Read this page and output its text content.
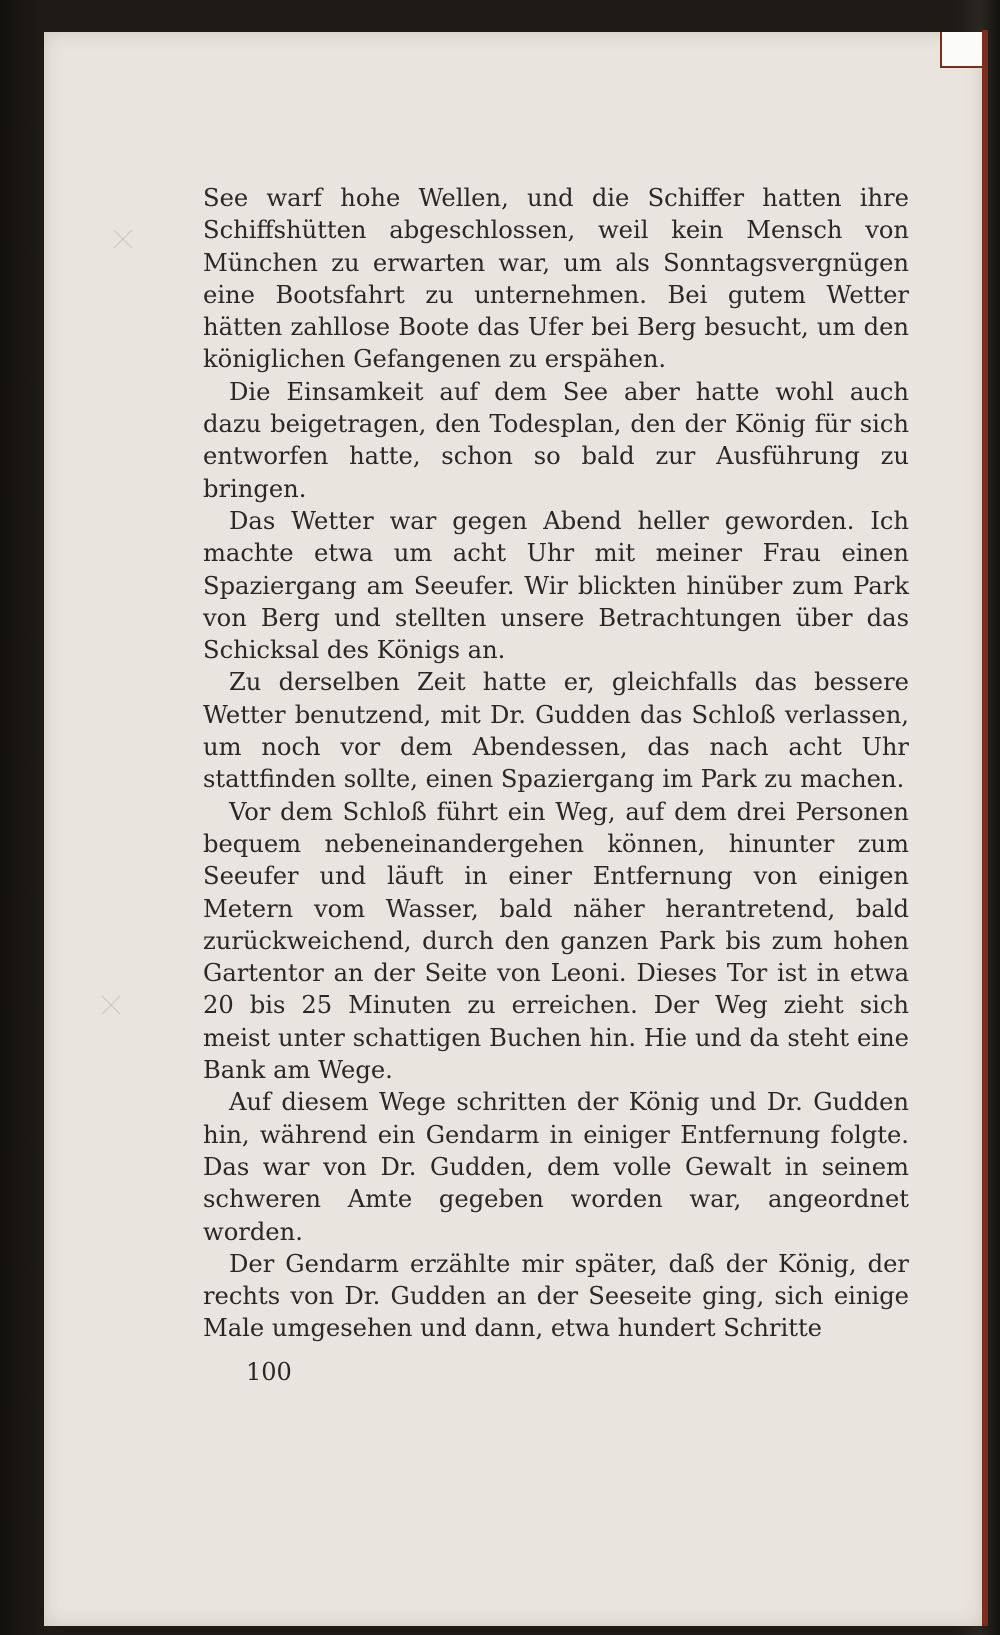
See warf hohe Wellen, und die Schiffer hatten ihre Schiffshütten abgeschlossen, weil kein Mensch von München zu erwarten war, um als Sonntagsvergnügen eine Bootsfahrt zu unternehmen. Bei gutem Wetter hätten zahllose Boote das Ufer bei Berg besucht, um den königlichen Gefangenen zu erspähen.

Die Einsamkeit auf dem See aber hatte wohl auch dazu beigetragen, den Todesplan, den der König für sich entworfen hatte, schon so bald zur Ausführung zu bringen.

Das Wetter war gegen Abend heller geworden. Ich machte etwa um acht Uhr mit meiner Frau einen Spaziergang am Seeufer. Wir blickten hinüber zum Park von Berg und stellten unsere Betrachtungen über das Schicksal des Königs an.

Zu derselben Zeit hatte er, gleichfalls das bessere Wetter benutzend, mit Dr. Gudden das Schloß verlassen, um noch vor dem Abendessen, das nach acht Uhr stattfinden sollte, einen Spaziergang im Park zu machen.

Vor dem Schloß führt ein Weg, auf dem drei Personen bequem nebeneinandergehen können, hinunter zum Seeufer und läuft in einer Entfernung von einigen Metern vom Wasser, bald näher herantretend, bald zurückweichend, durch den ganzen Park bis zum hohen Gartentor an der Seite von Leoni. Dieses Tor ist in etwa 20 bis 25 Minuten zu erreichen. Der Weg zieht sich meist unter schattigen Buchen hin. Hie und da steht eine Bank am Wege.

Auf diesem Wege schritten der König und Dr. Gudden hin, während ein Gendarm in einiger Entfernung folgte. Das war von Dr. Gudden, dem volle Gewalt in seinem schweren Amte gegeben worden war, angeordnet worden.

Der Gendarm erzählte mir später, daß der König, der rechts von Dr. Gudden an der Seeseite ging, sich einige Male umgesehen und dann, etwa hundert Schritte

100
